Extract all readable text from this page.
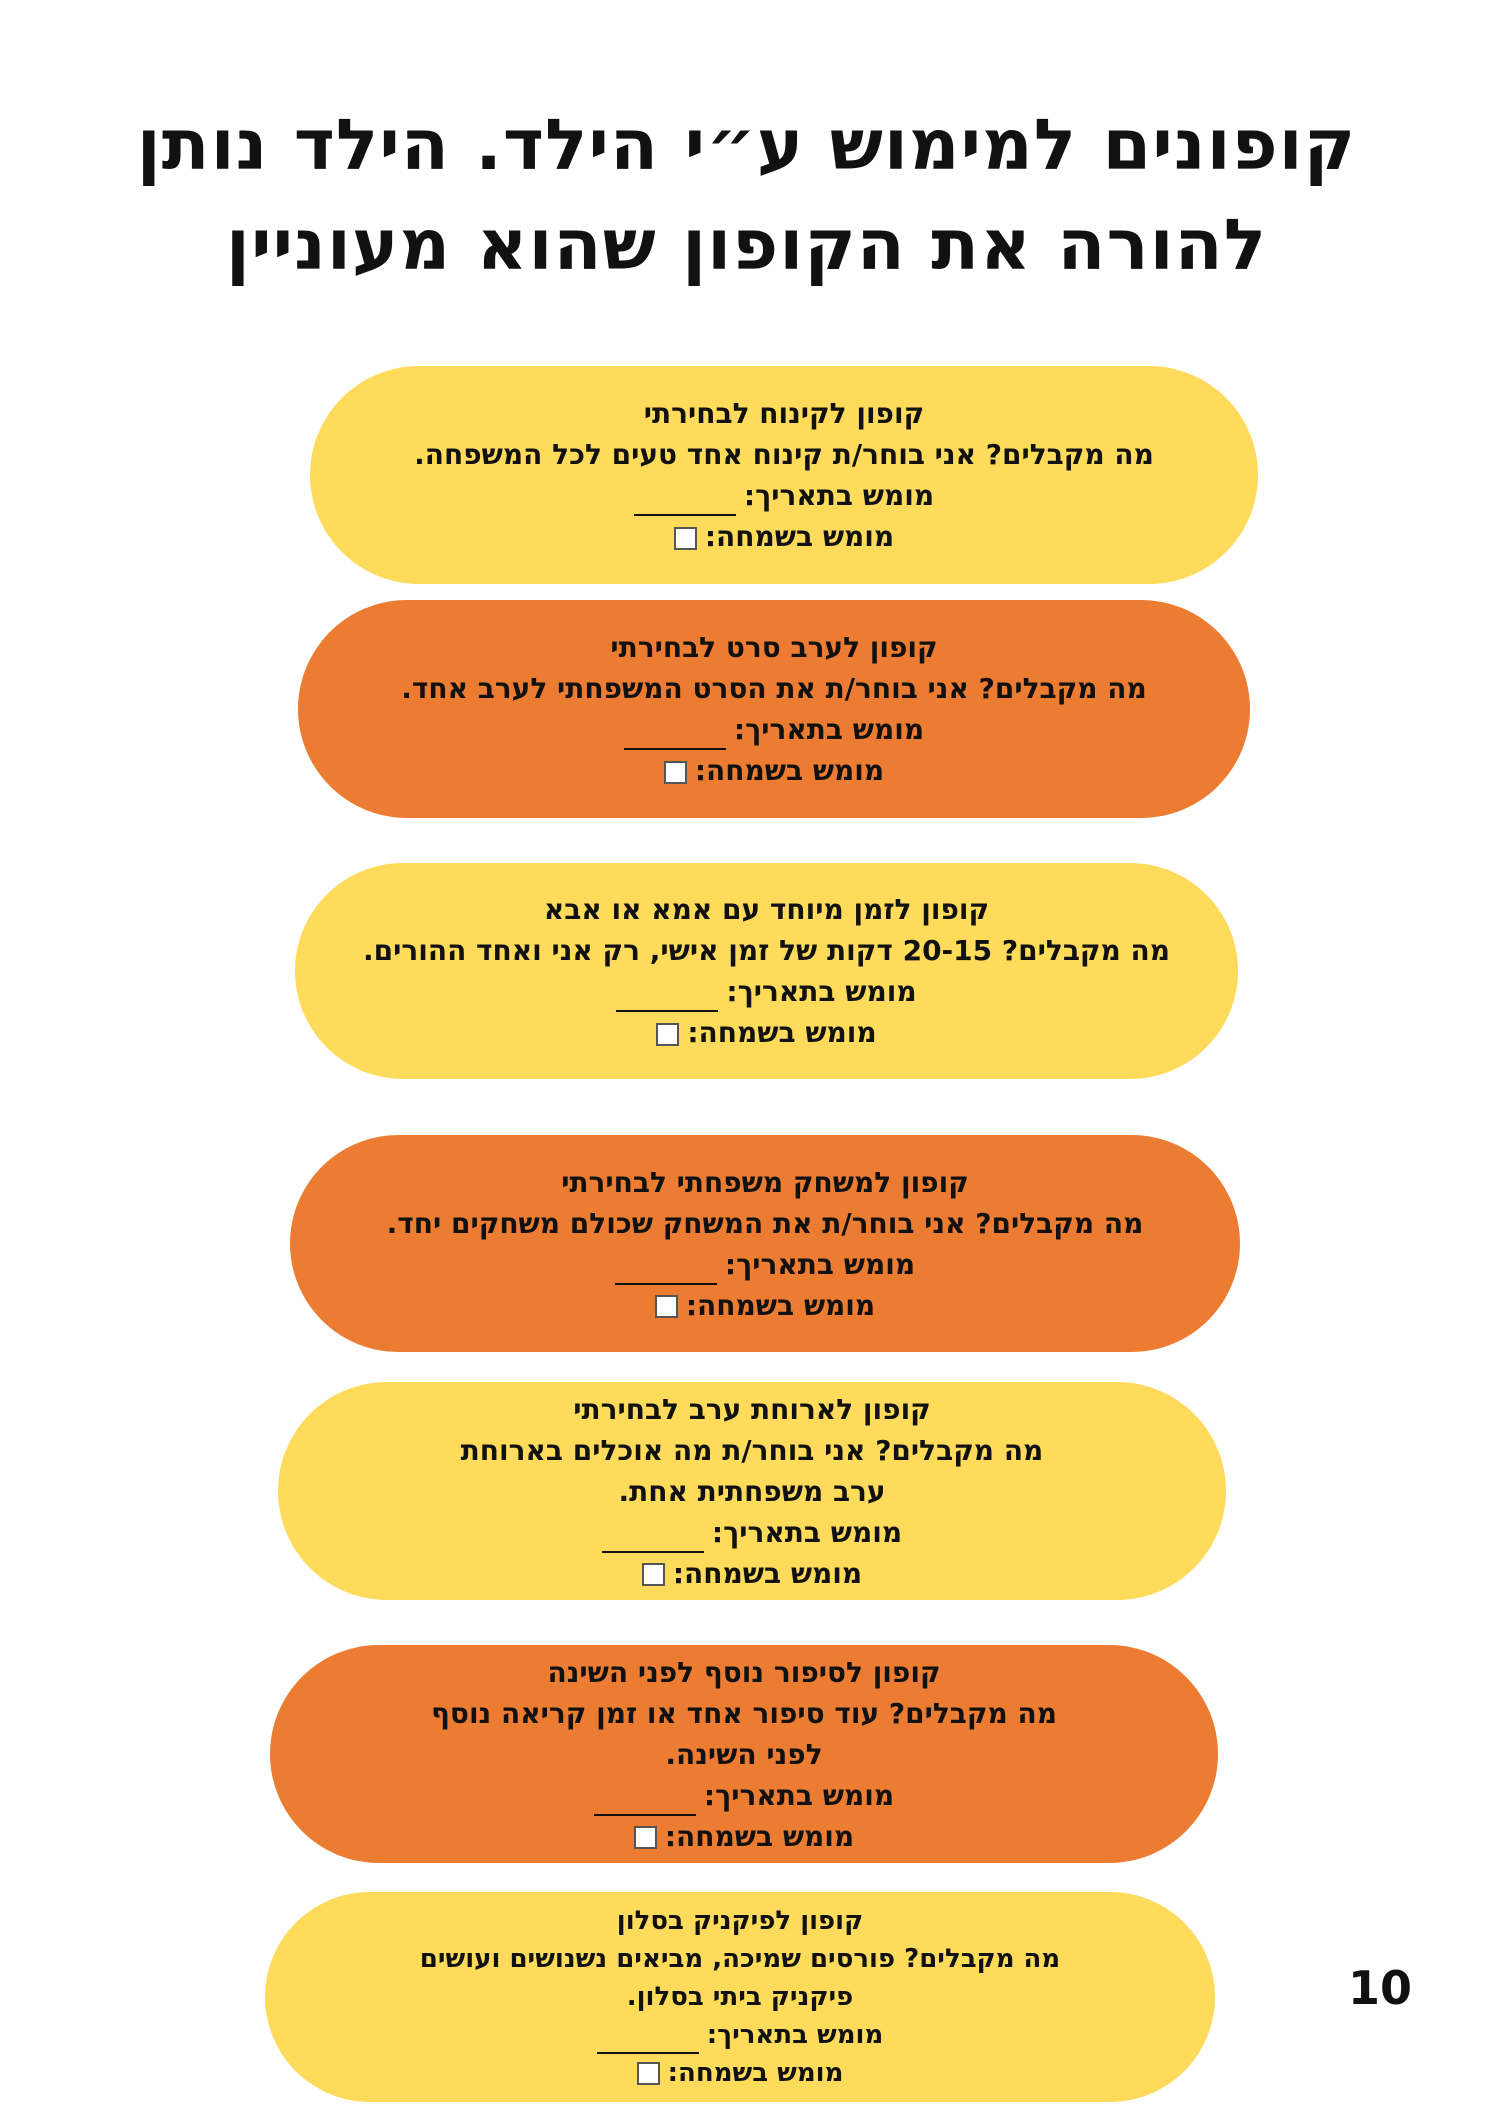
קופונים למימוש ע״י הילד. הילד נותן
להורה את הקופון שהוא מעוניין
קופון לקינוח לבחירתי
מה מקבלים? אני בוחר/ת קינוח אחד טעים לכל המשפחה.
מומש בתאריך:
מומש בשמחה:
קופון לערב סרט לבחירתי
מה מקבלים? אני בוחר/ת את הסרט המשפחתי לערב אחד.
מומש בתאריך:
מומש בשמחה:
קופון לזמן מיוחד עם אמא או אבא
מה מקבלים? 20-15 דקות של זמן אישי, רק אני ואחד ההורים.
מומש בתאריך:
מומש בשמחה:
קופון למשחק משפחתי לבחירתי
מה מקבלים? אני בוחר/ת את המשחק שכולם משחקים יחד.
מומש בתאריך:
מומש בשמחה:
קופון לארוחת ערב לבחירתי
מה מקבלים? אני בוחר/ת מה אוכלים בארוחת ערב משפחתית אחת.
מומש בתאריך:
מומש בשמחה:
קופון לסיפור נוסף לפני השינה
מה מקבלים? עוד סיפור אחד או זמן קריאה נוסף לפני השינה.
מומש בתאריך:
מומש בשמחה:
קופון לפיקניק בסלון
מה מקבלים? פורסים שמיכה, מביאים נשנושים ועושים פיקניק ביתי בסלון.
מומש בתאריך:
מומש בשמחה:
10
